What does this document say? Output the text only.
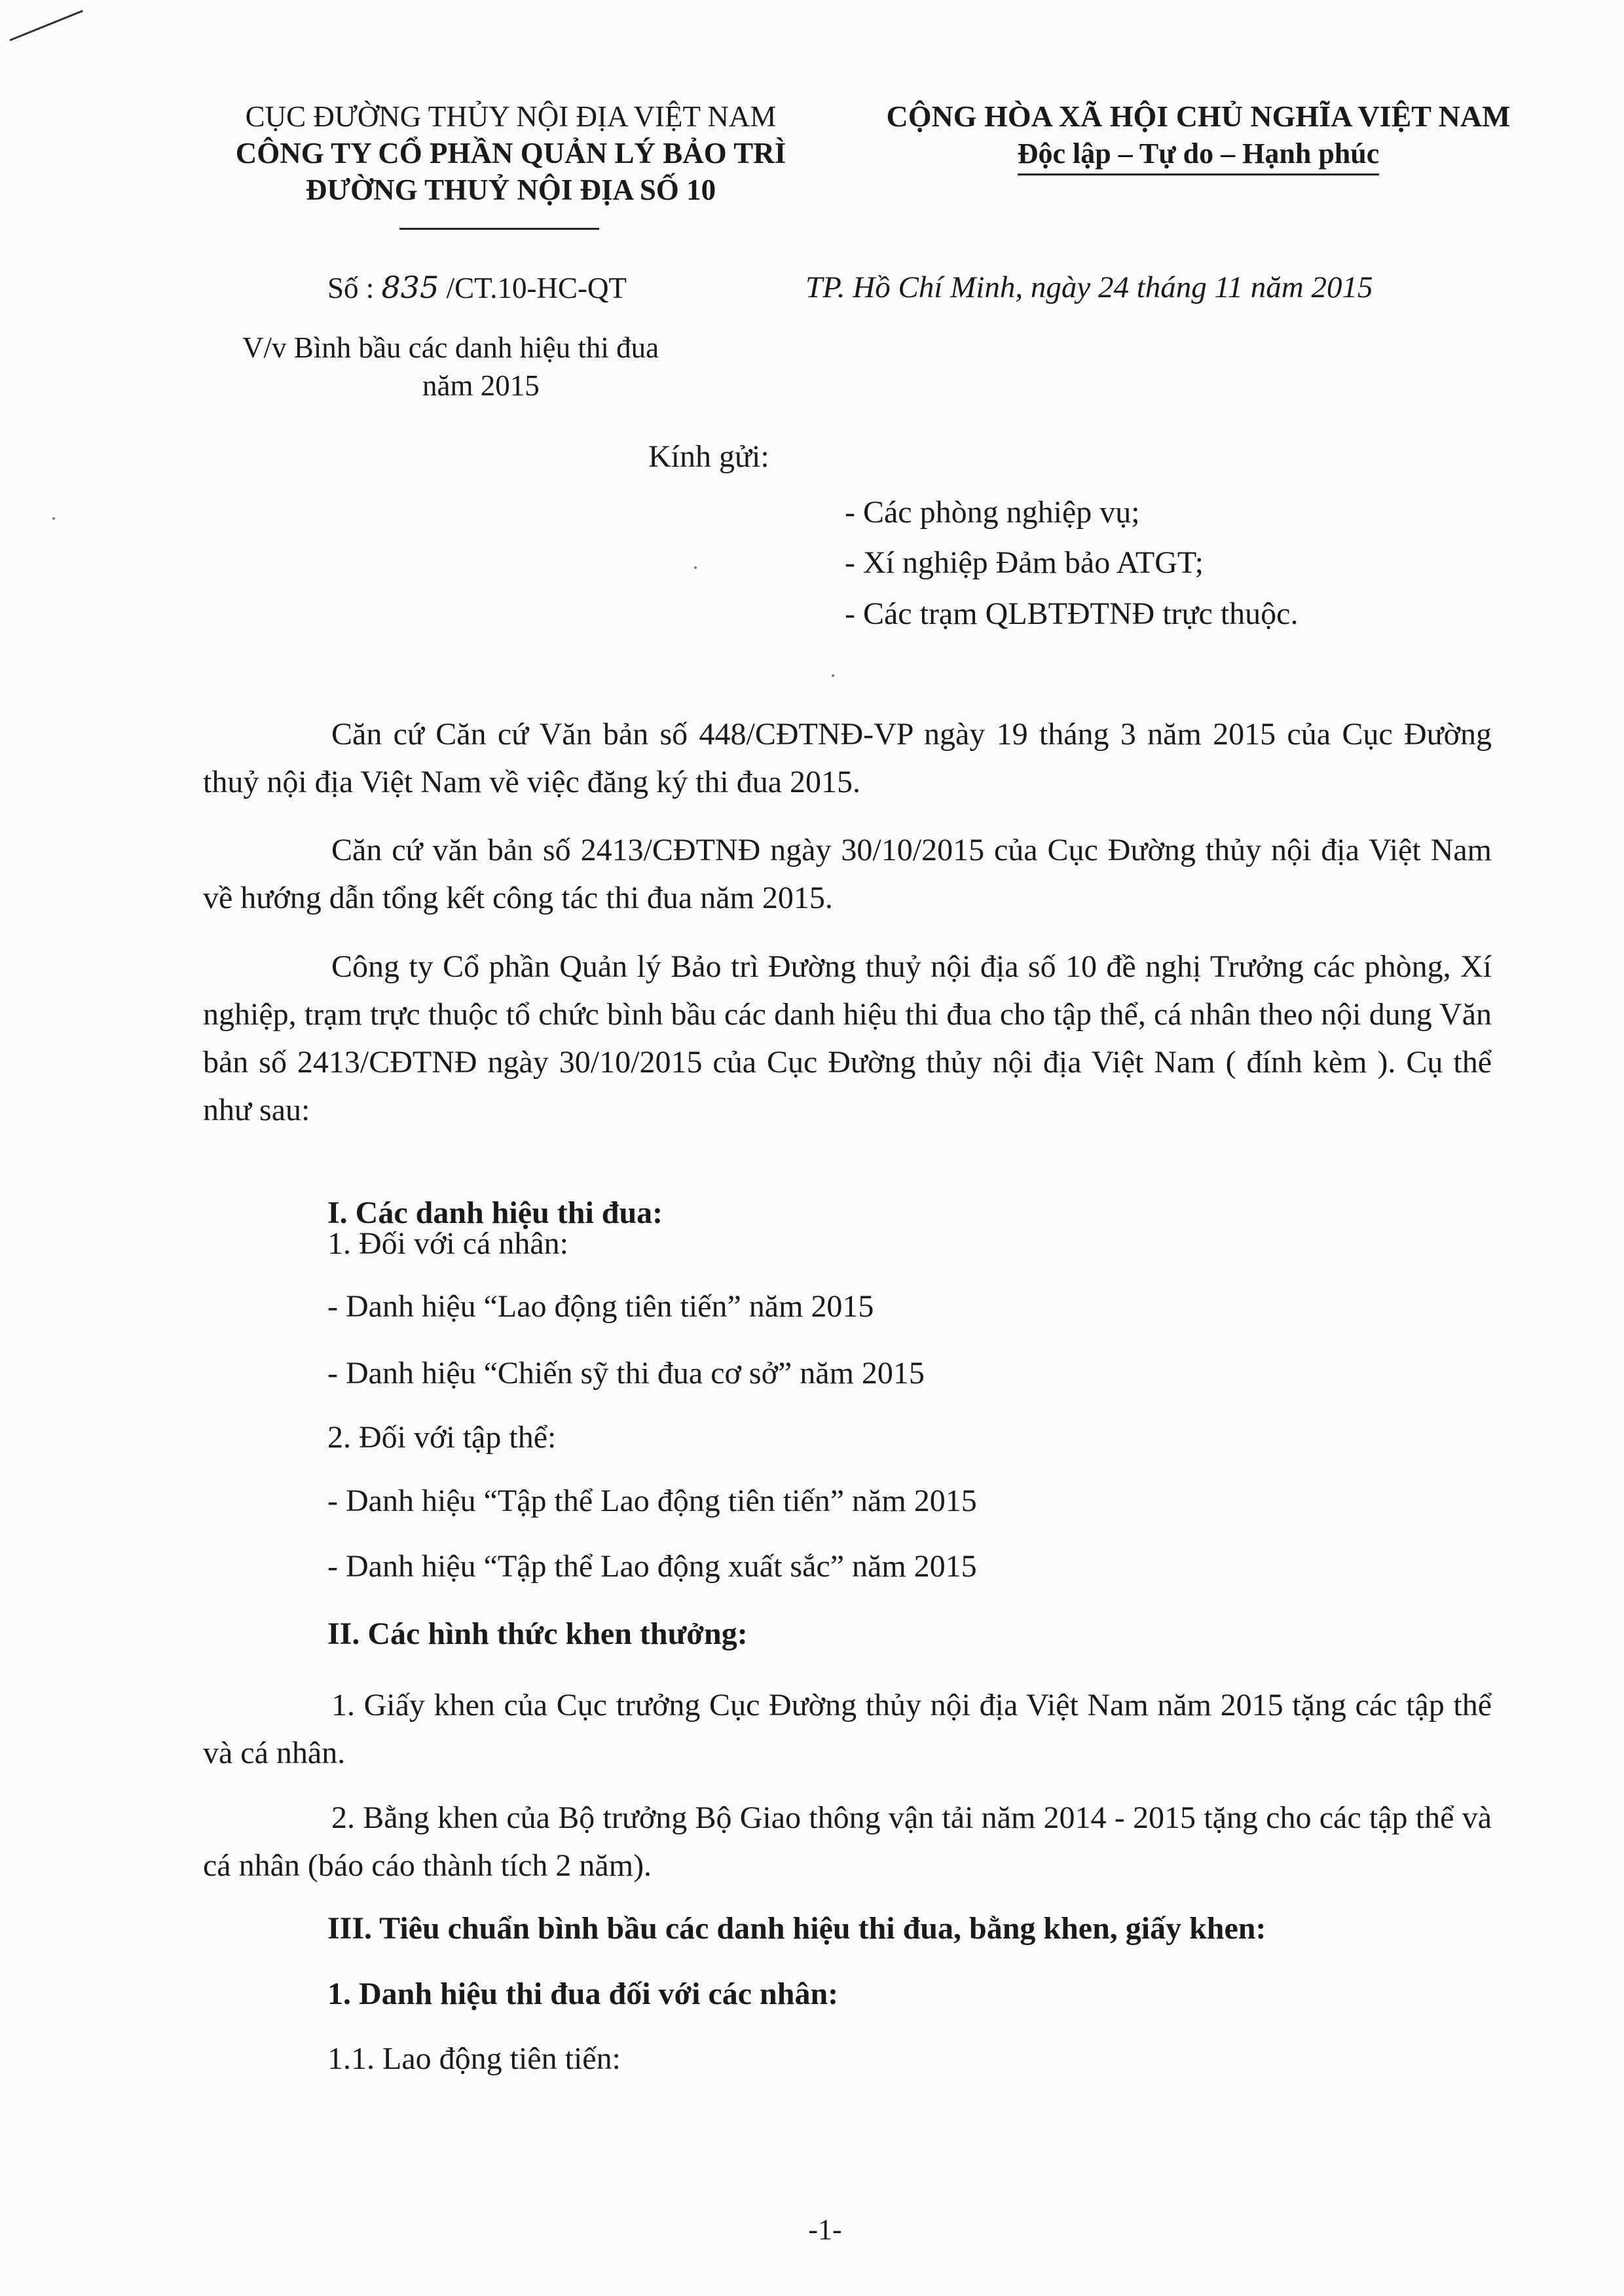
CỤC ĐƯỜNG THỦY NỘI ĐỊA VIỆT NAM
CÔNG TY CỔ PHẦN QUẢN LÝ BẢO TRÌ
ĐƯỜNG THUỶ NỘI ĐỊA SỐ 10
CỘNG HÒA XÃ HỘI CHỦ NGHĨA VIỆT NAM
Độc lập – Tự do – Hạnh phúc
Số : 835 /CT.10-HC-QT	TP. Hồ Chí Minh, ngày 24 tháng 11 năm 2015
V/v Bình bầu các danh hiệu thi đua
năm 2015
Kính gửi:
- Các phòng nghiệp vụ;
- Xí nghiệp Đảm bảo ATGT;
- Các trạm QLBTĐTNĐ trực thuộc.
Căn cứ Căn cứ Văn bản số 448/CĐTNĐ-VP ngày 19 tháng 3 năm 2015 của Cục Đường thuỷ nội địa Việt Nam về việc đăng ký thi đua 2015.
Căn cứ văn bản số 2413/CĐTNĐ ngày 30/10/2015 của Cục Đường thủy nội địa Việt Nam về hướng dẫn tổng kết công tác thi đua năm 2015.
Công ty Cổ phần Quản lý Bảo trì Đường thuỷ nội địa số 10 đề nghị Trưởng các phòng, Xí nghiệp, trạm trực thuộc tổ chức bình bầu các danh hiệu thi đua cho tập thể, cá nhân theo nội dung Văn bản số 2413/CĐTNĐ ngày 30/10/2015 của Cục Đường thủy nội địa Việt Nam ( đính kèm ). Cụ thể như sau:
I. Các danh hiệu thi đua:
1. Đối với cá nhân:
- Danh hiệu “Lao động tiên tiến” năm 2015
- Danh hiệu “Chiến sỹ thi đua cơ sở” năm 2015
2. Đối với tập thể:
- Danh hiệu “Tập thể Lao động tiên tiến” năm 2015
- Danh hiệu “Tập thể Lao động xuất sắc” năm 2015
II. Các hình thức khen thưởng:
1. Giấy khen của Cục trưởng Cục Đường thủy nội địa Việt Nam năm 2015 tặng các tập thể và cá nhân.
2. Bằng khen của Bộ trưởng Bộ Giao thông vận tải năm 2014 - 2015 tặng cho các tập thể và cá nhân (báo cáo thành tích 2 năm).
III. Tiêu chuẩn bình bầu các danh hiệu thi đua, bằng khen, giấy khen:
1. Danh hiệu thi đua đối với các nhân:
1.1. Lao động tiên tiến:
-1-
